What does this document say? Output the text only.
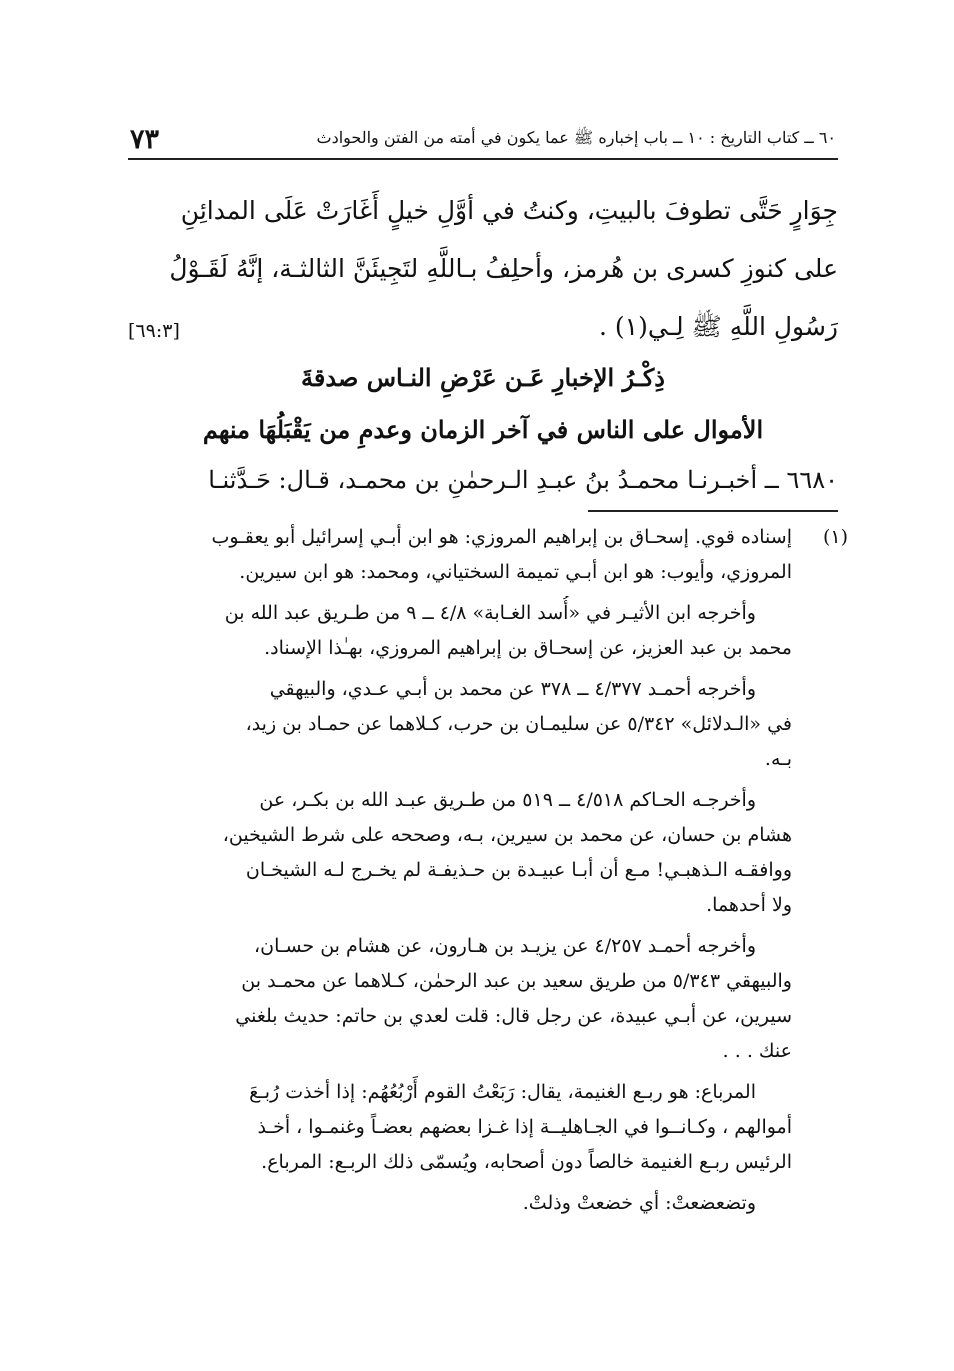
٧٣	٦٠ ــ كتاب التاريخ : ١٠ ــ باب إخباره ﷺ عما يكون في أمته من الفتن والحوادث
جِوَارٍ حَتَّى تطوفَ بالبيتِ، وكنتُ في أوَّلِ خيلٍ أَغَارَتْ عَلَى المدائِنِ
على كنوزِ كسرى بن هُرمز، وأحلِفُ بـاللَّهِ لتَجِيئَنَّ الثالثـة، إنَّهُ لَقَـوْلُ
رَسُولِ اللَّهِ ﷺ لِـي(١) .
[٦٩:٣]
ذِكْـرُ الإخبارِ عَـن عَرْضِ النـاس صدقةَ
الأموال على الناس في آخر الزمان وعدمِ من يَقْبَلُهَا منهم
٦٦٨٠ ــ أخبـرنـا محمـدُ بنُ عبـدِ الـرحمٰنِ بن محمـد، قـال: حَـدَّثنـا
(١)
إسناده قوي. إسحـاق بن إبراهيم المروزي: هو ابن أبـي إسرائيل أبو يعقـوب
المروزي، وأيوب: هو ابن أبـي تميمة السختياني، ومحمد: هو ابن سيرين.
وأخرجه ابن الأثيـر في «أُسد الغـابة» ٤/٨ ــ ٩ من طـريق عبد الله بن
محمد بن عبد العزيز، عن إسحـاق بن إبراهيم المروزي، بهـٰذا الإسناد.
وأخرجه أحمـد ٤/٣٧٧ ــ ٣٧٨ عن محمد بن أبـي عـدي، والبيهقي
في «الـدلائل» ٥/٣٤٢ عن سليمـان بن حرب، كـلاهما عن حمـاد بن زيد،
بـه.
وأخرجـه الحـاكم ٤/٥١٨ ــ ٥١٩ من طـريق عبـد الله بن بكـر، عن
هشام بن حسان، عن محمد بن سيرين، بـه، وصححه على شرط الشيخين،
ووافقـه الـذهبـي! مـع أن أبـا عبيـدة بن حـذيفـة لم يخـرج لـه الشيخـان
ولا أحدهما.
وأخرجه أحمـد ٤/٢٥٧ عن يزيـد بن هـارون، عن هشام بن حسـان،
والبيهقي ٥/٣٤٣ من طريق سعيد بن عبد الرحمٰن، كـلاهما عن محمـد بن
سيرين، عن أبـي عبيدة، عن رجل قال: قلت لعدي بن حاتم: حديث بلغني
عنك . . .
المرباع: هو ربـع الغنيمة، يقال: رَبَعْتُ القوم أَرْبُعُهُم: إذا أخذت رُبـعَ
أموالهم ، وكـانــوا في الجـاهليــة إذا غـزا بعضهم بعضـاً وغنمـوا ، أخـذ
الرئيس ربـع الغنيمة خالصاً دون أصحابه، ويُسمّى ذلك الربـع: المرباع.
وتضعضعتْ: أي خضعتْ وذلتْ.
